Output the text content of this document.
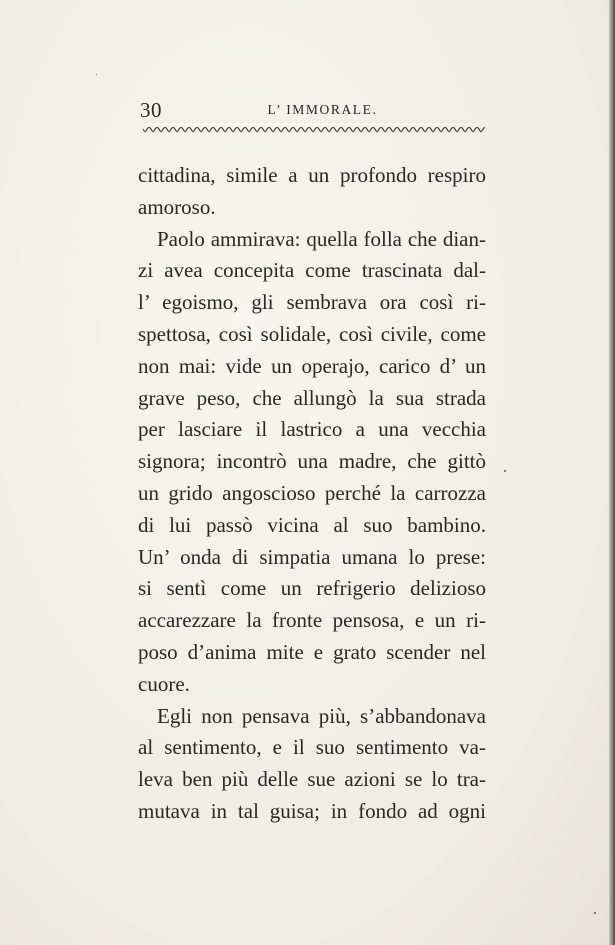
30	L’ IMMORALE.
cittadina, simile a un profondo respiro
amoroso.
Paolo ammirava: quella folla che dian-
zi avea concepita come trascinata dal-
l’ egoismo, gli sembrava ora così ri-
spettosa, così solidale, così civile, come
non mai: vide un operajo, carico d’ un
grave peso, che allungò la sua strada
per lasciare il lastrico a una vecchia
signora; incontrò una madre, che gittò
un grido angoscioso perché la carrozza
di lui passò vicina al suo bambino.
Un’ onda di simpatia umana lo prese:
si sentì come un refrigerio delizioso
accarezzare la fronte pensosa, e un ri-
poso d’anima mite e grato scender nel
cuore.
Egli non pensava più, s’abbandonava
al sentimento, e il suo sentimento va-
leva ben più delle sue azioni se lo tra-
mutava in tal guisa; in fondo ad ogni
